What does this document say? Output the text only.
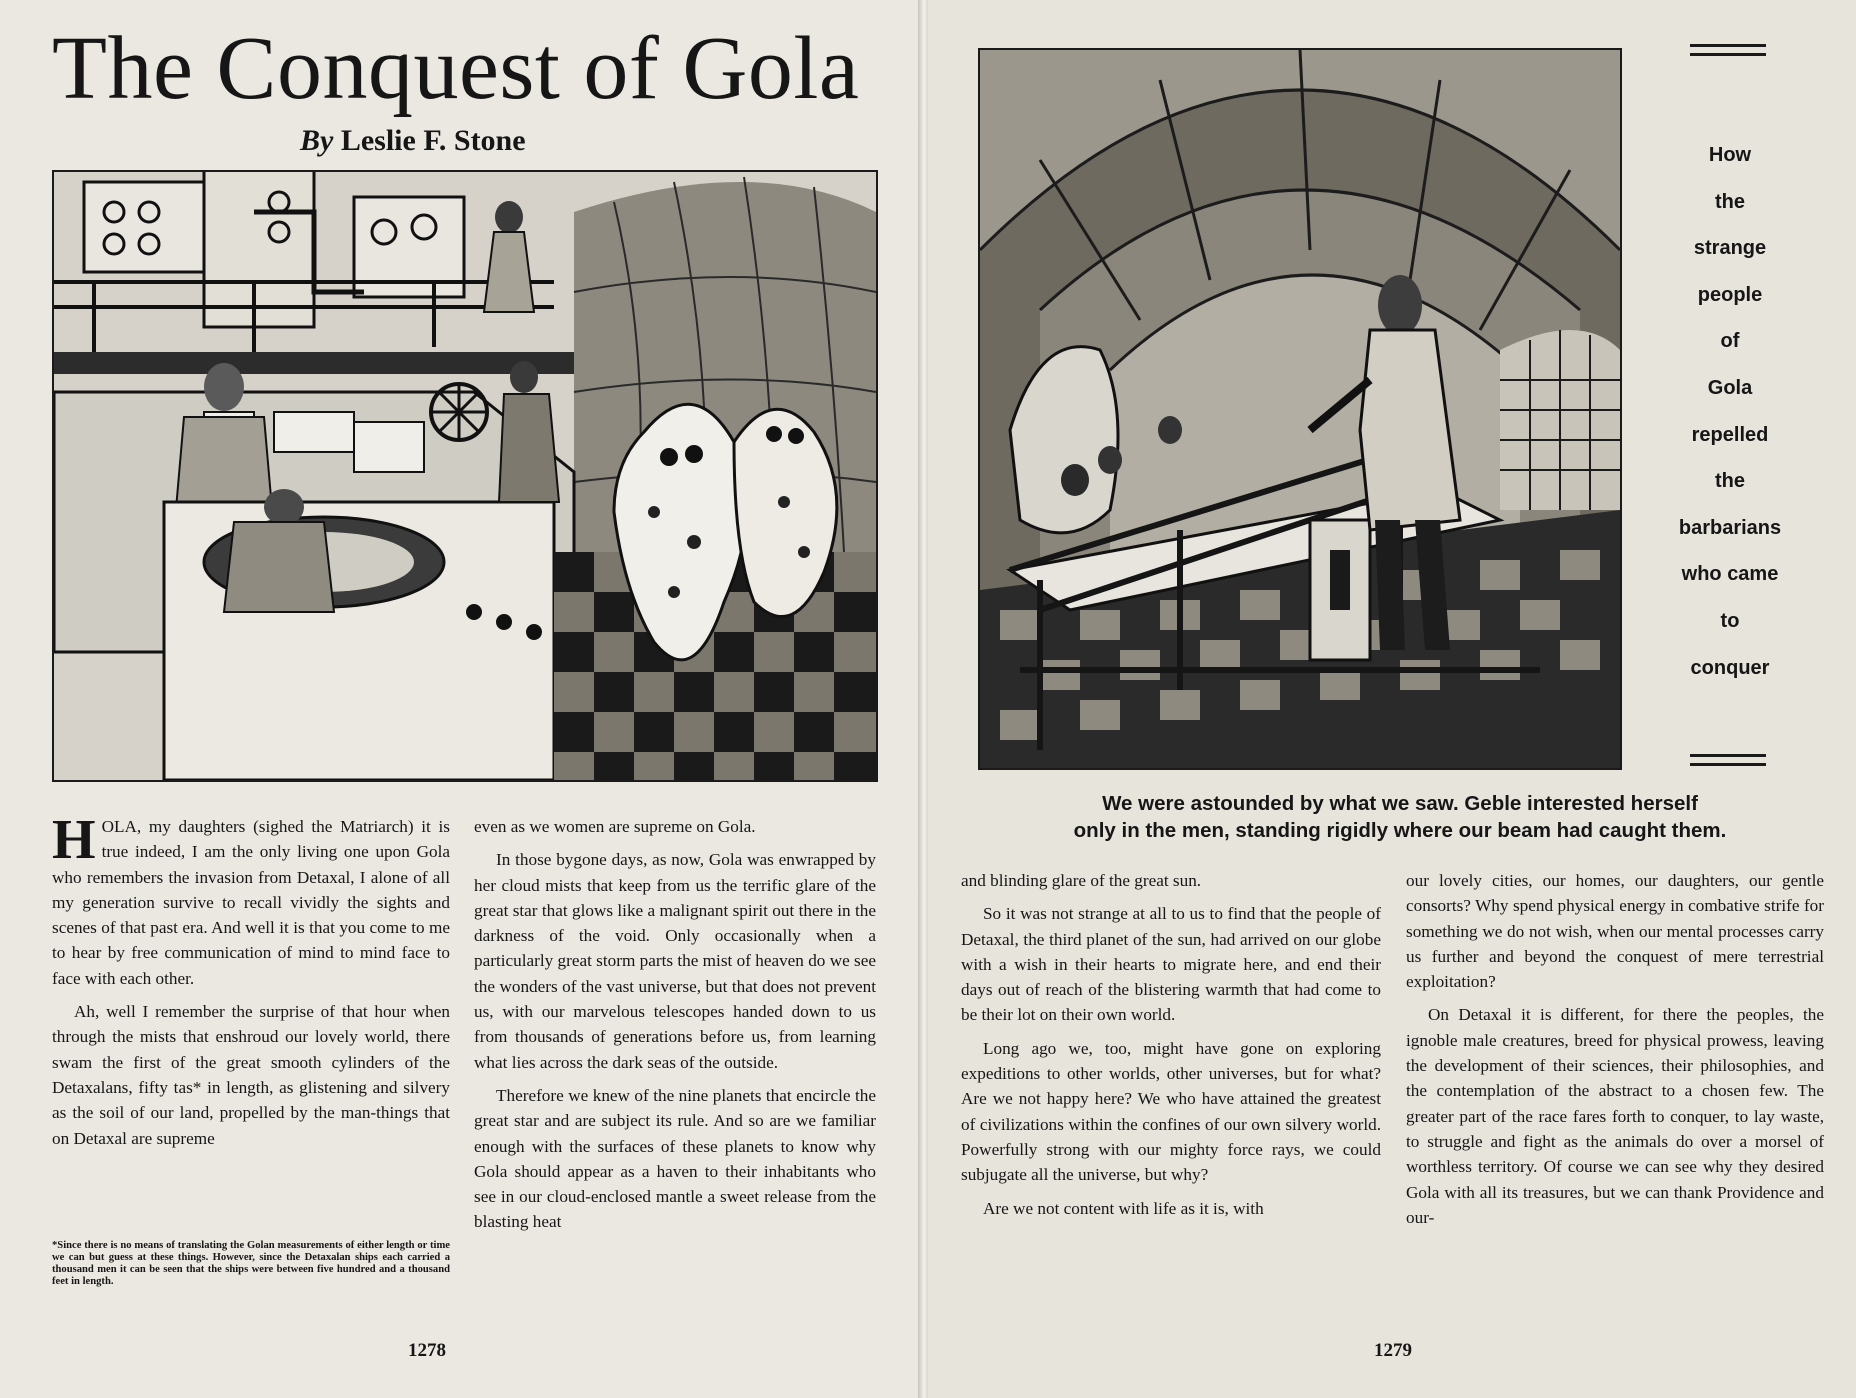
The Conquest of Gola
By Leslie F. Stone

HOLA, my daughters (sighed the Matriarch) it is true indeed, I am the only living one upon Gola who remembers the invasion from Detaxal, I alone of all my generation survive to recall vividly the sights and scenes of that past era. And well it is that you come to me to hear by free communication of mind to mind face to face with each other.

Ah, well I remember the surprise of that hour when through the mists that enshroud our lovely world, there swam the first of the great smooth cylinders of the Detaxalans, fifty tas* in length, as glistening and silvery as the soil of our land, propelled by the man-things that on Detaxal are supreme

even as we women are supreme on Gola.

In those bygone days, as now, Gola was enwrapped by her cloud mists that keep from us the terrific glare of the great star that glows like a malignant spirit out there in the darkness of the void. Only occasionally when a particularly great storm parts the mist of heaven do we see the wonders of the vast universe, but that does not prevent us, with our marvelous telescopes handed down to us from thousands of generations before us, from learning what lies across the dark seas of the outside.

Therefore we knew of the nine planets that encircle the great star and are subject its rule. And so are we familiar enough with the surfaces of these planets to know why Gola should appear as a haven to their inhabitants who see in our cloud-enclosed mantle a sweet release from the blasting heat

*Since there is no means of translating the Golan measurements of either length or time we can but guess at these things. However, since the Detaxalan ships each carried a thousand men it can be seen that the ships were between five hundred and a thousand feet in length.
1278
How
the
strange
people
of
Gola
repelled
the
barbarians
who came
to
conquer
We were astounded by what we saw. Geble interested herself
only in the men, standing rigidly where our beam had caught them.

and blinding glare of the great sun.

So it was not strange at all to us to find that the people of Detaxal, the third planet of the sun, had arrived on our globe with a wish in their hearts to migrate here, and end their days out of reach of the blistering warmth that had come to be their lot on their own world.

Long ago we, too, might have gone on exploring expeditions to other worlds, other universes, but for what? Are we not happy here? We who have attained the greatest of civilizations within the confines of our own silvery world. Powerfully strong with our mighty force rays, we could subjugate all the universe, but why?

Are we not content with life as it is, with

our lovely cities, our homes, our daughters, our gentle consorts? Why spend physical energy in combative strife for something we do not wish, when our mental processes carry us further and beyond the conquest of mere terrestrial exploitation?

On Detaxal it is different, for there the peoples, the ignoble male creatures, breed for physical prowess, leaving the development of their sciences, their philosophies, and the contemplation of the abstract to a chosen few. The greater part of the race fares forth to conquer, to lay waste, to struggle and fight as the animals do over a morsel of worthless territory. Of course we can see why they desired Gola with all its treasures, but we can thank Providence and our-

1279
